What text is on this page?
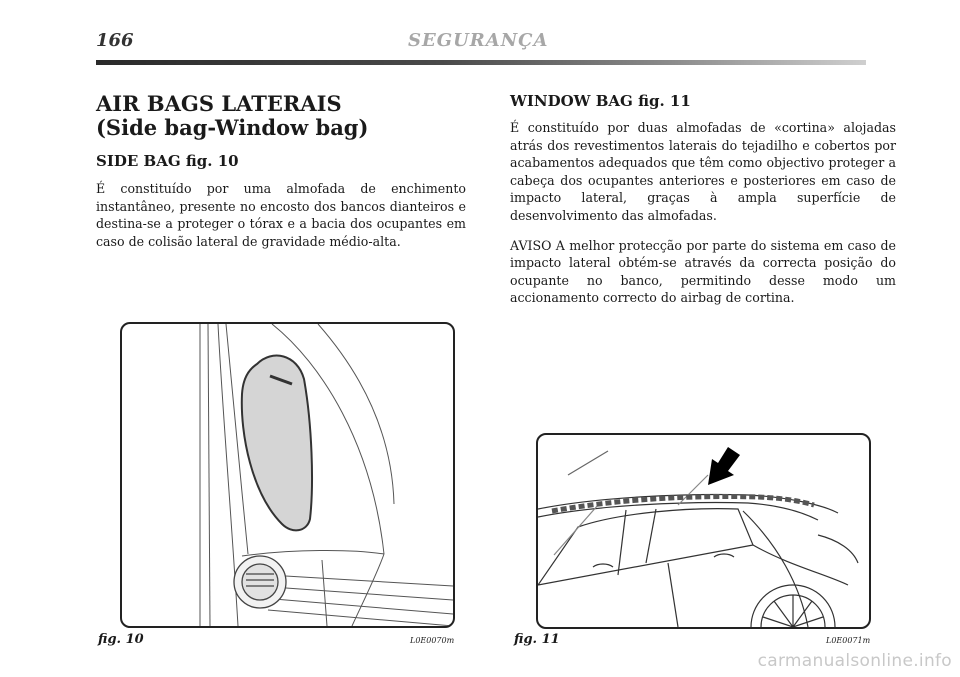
166	SEGURANÇA
AIR BAGS LATERAIS
(Side bag-Window bag)
SIDE BAG fig. 10

É constituído por uma almofada de enchimento instantâneo, presente no encosto dos bancos dianteiros e destina-se a proteger o tórax e a bacia dos ocupantes em caso de colisão lateral de gravidade médio-alta.

WINDOW BAG fig. 11

É constituído por duas almofadas de «cortina» alojadas atrás dos revestimentos laterais do tejadilho e cobertos por acabamentos adequados que têm como objectivo proteger a cabeça dos ocupantes anteriores e posteriores em caso de impacto lateral, graças à ampla superfície de desenvolvimento das almofadas.

AVISO A melhor protecção por parte do sistema em caso de impacto lateral obtém-se através da correcta posição do ocupante no banco, permitindo desse modo um accionamento correcto do airbag de cortina.

fig. 10	L0E0070m	fig. 11	L0E0071m
carmanualsonline.info
